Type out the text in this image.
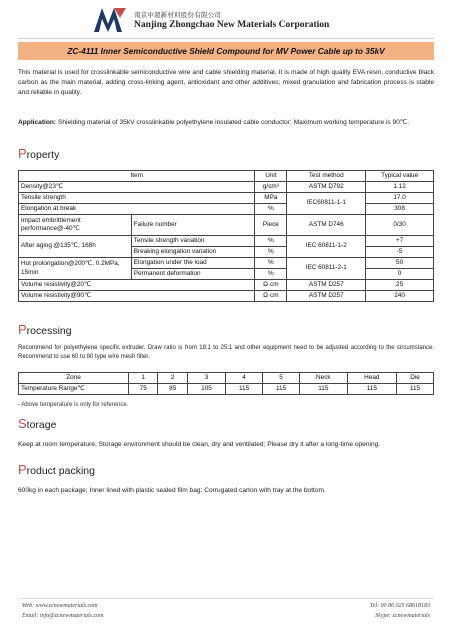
南京中超新材料股份有限公司
Nanjing Zhongchao New Materials Corporation
ZC-4111 Inner Semiconductive Shield Compound for MV Power Cable up to 35kV
This material is used for crosslinkable semiconductive wire and cable shielding material. It is made of high quality EVA resin, conductive black carbon as the main material, adding cross-linking agent, antioxidant and other additives; mixed granulation and fabrication process is stable and reliable in quality.
Application: Shielding material of 35kV crosslinkable polyethylene insulated cable conductor; Maximum working temperature is 90℃.
Property
Item		Unit	Test method	Typical value
Density@23℃		g/cm³	ASTM D792	1.12
Tensile strength		MPa	IEC60811-1-1	17.0
Elongation at break		%		308
Impact embrittlement performance@-40℃	Failure number	Piece	ASTM D746	0/30
After aging @135℃, 168h	Tensile strength variation	%	IEC 60811-1-2	+7
	Breaking elongation variation	%		-5
Hot prolongation@200℃, 0.2MPa, 15min	Elongation under the load	%	IEC 60811-2-1	50
	Permanent deformation	%		0
Volume resistivity@20℃		Ω·cm	ASTM D257	25
Volume resistivity@90℃		Ω·cm	ASTM D257	240
Processing
Recommend for polyethylene specific extruder. Draw ratio is from 18:1 to 25:1 and other equipment need to be adjusted according to the circumstance. Recommend to use 60 to 80 type wire mesh filter.
Zone	1	2	3	4	5	Neck	Head	Die
Temperature Range℃	75	85	105	115	115	115	115	115
- Above temperature is only for reference.
Storage
Keep at room temperature; Storage environment should be clean, dry and ventilated; Please dry it after a long-time opening.
Product packing
600kg in each package; Inner lined with plastic sealed film bag; Corrugated carton with tray at the bottom.
Web: www.zcnewmaterials.com
Email: info@zcnewmaterials.com
Tel: 00 86 025 68618183
Skype: zcnewmaterials
